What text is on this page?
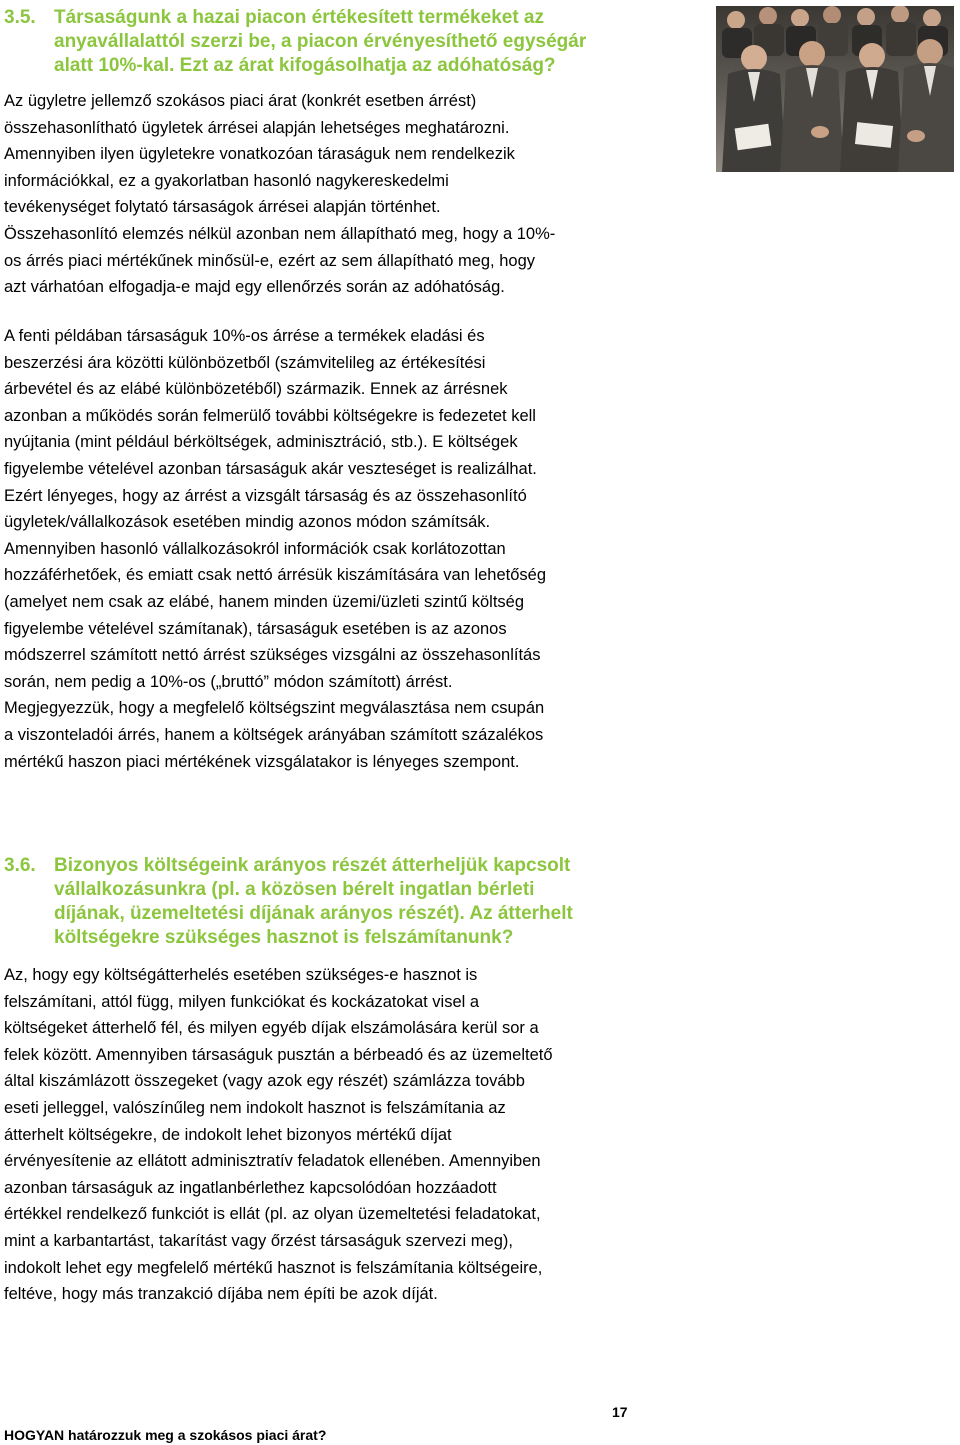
3.5. Társaságunk a hazai piacon értékesített termékeket az
anyavállalattól szerzi be, a piacon érvényesíthető egységár
alatt 10%-kal. Ezt az árat kifogásolhatja az adóhatóság?
Az ügyletre jellemző szokásos piaci árat (konkrét esetben árrést)
összehasonlítható ügyletek árrései alapján lehetséges meghatározni.
Amennyiben ilyen ügyletekre vonatkozóan táraságuk nem rendelkezik
információkkal, ez a gyakorlatban hasonló nagykereskedelmi
tevékenységet folytató társaságok árrései alapján történhet.
Összehasonlító elemzés nélkül azonban nem állapítható meg, hogy a 10%-
os árrés piaci mértékűnek minősül-e, ezért az sem állapítható meg, hogy
azt várhatóan elfogadja-e majd egy ellenőrzés során az adóhatóság.
A fenti példában társaságuk 10%-os árrése a termékek eladási és
beszerzési ára közötti különbözetből (számvitelileg az értékesítési
árbevétel és az elábé különbözetéből) származik. Ennek az árrésnek
azonban a működés során felmerülő további költségekre is fedezetet kell
nyújtania (mint például bérköltségek, adminisztráció, stb.). E költségek
figyelembe vételével azonban társaságuk akár veszteséget is realizálhat.
Ezért lényeges, hogy az árrést a vizsgált társaság és az összehasonlító
ügyletek/vállalkozások esetében mindig azonos módon számítsák.
Amennyiben hasonló vállalkozásokról információk csak korlátozottan
hozzáférhetőek, és emiatt csak nettó árrésük kiszámítására van lehetőség
(amelyet nem csak az elábé, hanem minden üzemi/üzleti szintű költség
figyelembe vételével számítanak), társaságuk esetében is az azonos
módszerrel számított nettó árrést szükséges vizsgálni az összehasonlítás
során, nem pedig a 10%-os („bruttó” módon számított) árrést.
Megjegyezzük, hogy a megfelelő költségszint megválasztása nem csupán
a viszonteladói árrés, hanem a költségek arányában számított százalékos
mértékű haszon piaci mértékének vizsgálatakor is lényeges szempont.
3.6. Bizonyos költségeink arányos részét átterheljük kapcsolt
vállalkozásunkra (pl. a közösen bérelt ingatlan bérleti
díjának, üzemeltetési díjának arányos részét). Az átterhelt
költségekre szükséges hasznot is felszámítanunk?
Az, hogy egy költségátterhelés esetében szükséges-e hasznot is
felszámítani, attól függ, milyen funkciókat és kockázatokat visel a
költségeket átterhelő fél, és milyen egyéb díjak elszámolására kerül sor a
felek között. Amennyiben társaságuk pusztán a bérbeadó és az üzemeltető
által kiszámlázott összegeket (vagy azok egy részét) számlázza tovább
eseti jelleggel, valószínűleg nem indokolt hasznot is felszámítania az
átterhelt költségekre, de indokolt lehet bizonyos mértékű díjat
érvényesítenie az ellátott adminisztratív feladatok ellenében. Amennyiben
azonban társaságuk az ingatlanbérlethez kapcsolódóan hozzáadott
értékkel rendelkező funkciót is ellát (pl. az olyan üzemeltetési feladatokat,
mint a karbantartást, takarítást vagy őrzést társaságuk szervezi meg),
indokolt lehet egy megfelelő mértékű hasznot is felszámítania költségeire,
feltéve, hogy más tranzakció díjába nem építi be azok díját.
17
HOGYAN határozzuk meg a szokásos piaci árat?
